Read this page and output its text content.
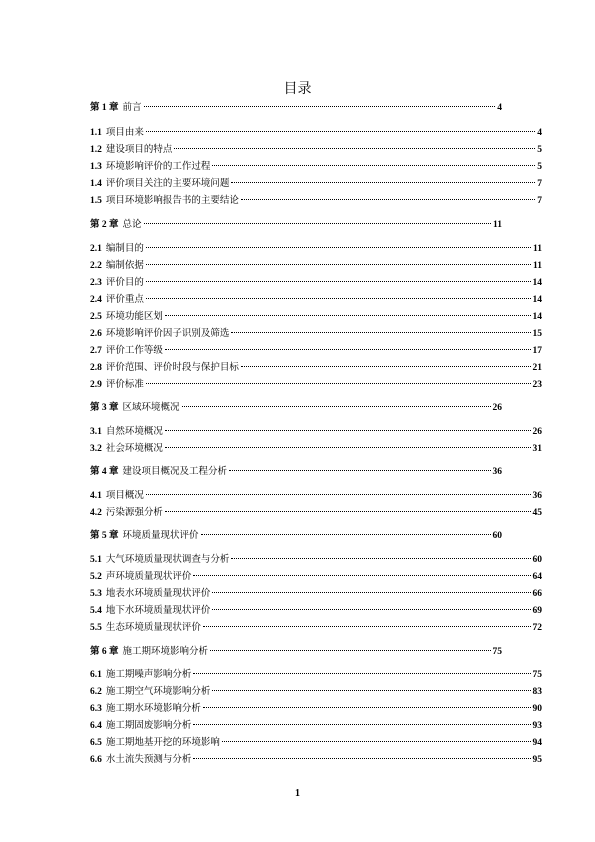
目录
第 1 章 前言	4
1.1 项目由来	4
1.2 建设项目的特点	5
1.3 环境影响评价的工作过程	5
1.4 评价项目关注的主要环境问题	7
1.5 项目环境影响报告书的主要结论	7
第 2 章 总论	11
2.1 编制目的	11
2.2 编制依据	11
2.3 评价目的	14
2.4 评价重点	14
2.5 环境功能区划	14
2.6 环境影响评价因子识别及筛选	15
2.7 评价工作等级	17
2.8 评价范围、评价时段与保护目标	21
2.9 评价标准	23
第 3 章 区域环境概况	26
3.1 自然环境概况	26
3.2 社会环境概况	31
第 4 章 建设项目概况及工程分析	36
4.1 项目概况	36
4.2 污染源强分析	45
第 5 章 环境质量现状评价	60
5.1 大气环境质量现状调查与分析	60
5.2 声环境质量现状评价	64
5.3 地表水环境质量现状评价	66
5.4 地下水环境质量现状评价	69
5.5 生态环境质量现状评价	72
第 6 章 施工期环境影响分析	75
6.1 施工期噪声影响分析	75
6.2 施工期空气环境影响分析	83
6.3 施工期水环境影响分析	90
6.4 施工期固废影响分析	93
6.5 施工期地基开挖的环境影响	94
6.6 水土流失预测与分析	95
1
